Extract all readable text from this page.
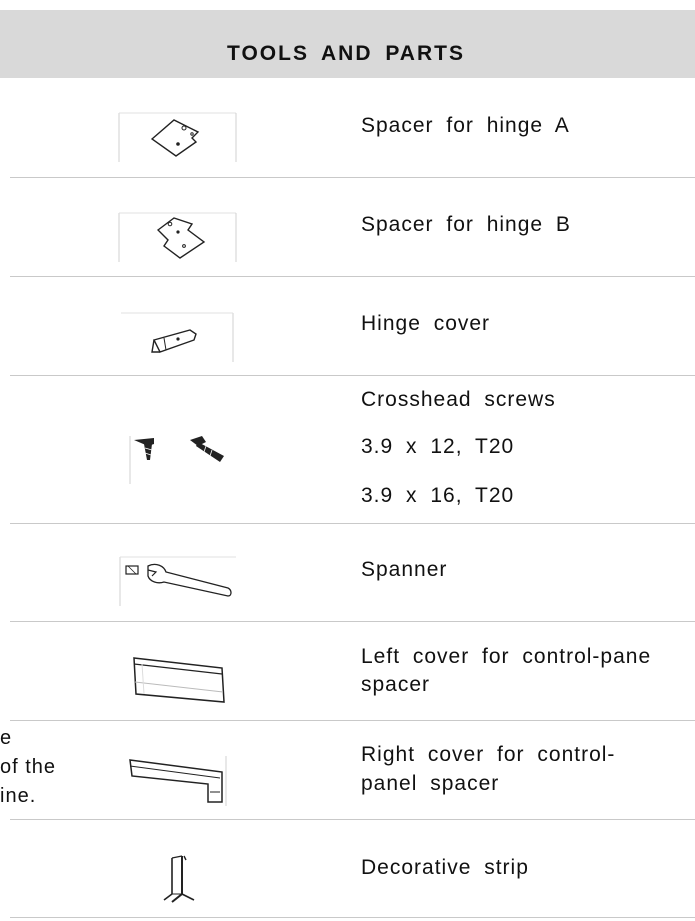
e
of the
ine.
TOOLS AND PARTS
Spacer for hinge A
Spacer for hinge B
Hinge cover
Crosshead screws
3.9 x 12, T20
3.9 x 16, T20
Spanner
Left cover for control-pane
spacer
Right cover for control-
panel spacer
Decorative strip
